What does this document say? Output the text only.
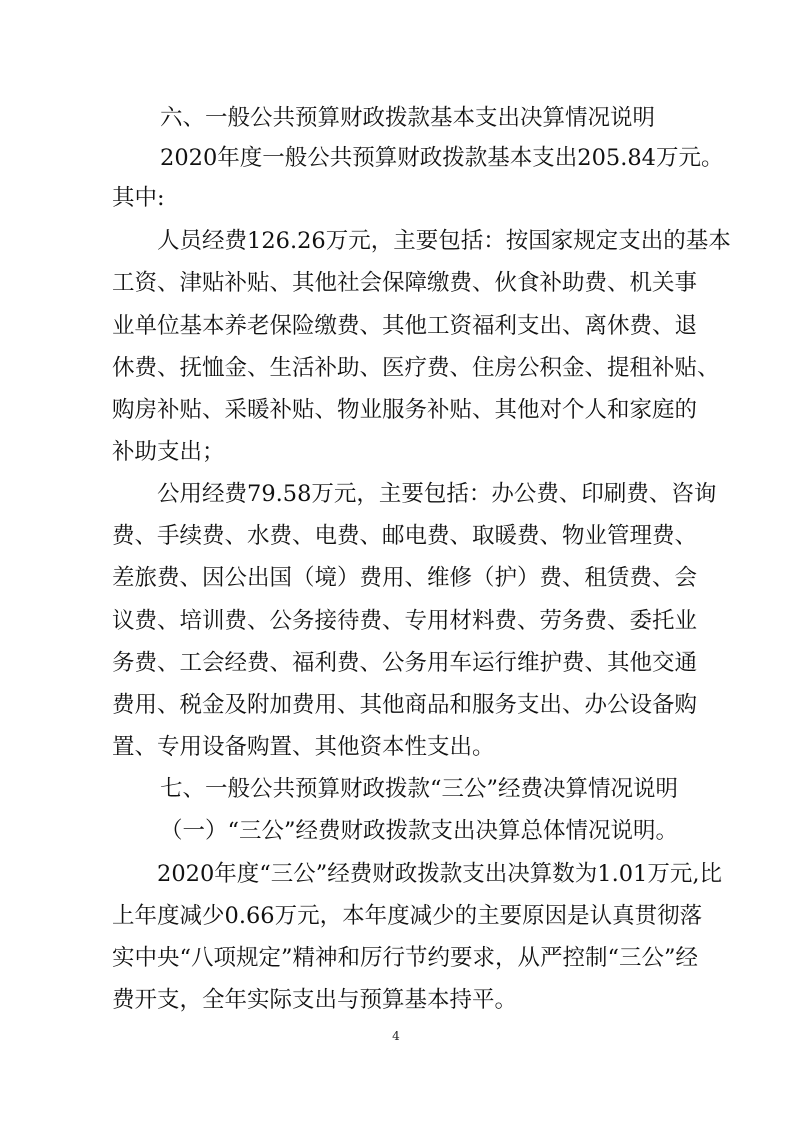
六、一般公共预算财政拨款基本支出决算情况说明
2020年度一般公共预算财政拨款基本支出205.84万元。
其中:
人员经费126.26万元，主要包括：按国家规定支出的基本
工资、津贴补贴、其他社会保障缴费、伙食补助费、机关事
业单位基本养老保险缴费、其他工资福利支出、离休费、退
休费、抚恤金、生活补助、医疗费、住房公积金、提租补贴、
购房补贴、采暖补贴、物业服务补贴、其他对个人和家庭的
补助支出；
公用经费79.58万元，主要包括：办公费、印刷费、咨询
费、手续费、水费、电费、邮电费、取暖费、物业管理费、
差旅费、因公出国（境）费用、维修（护）费、租赁费、会
议费、培训费、公务接待费、专用材料费、劳务费、委托业
务费、工会经费、福利费、公务用车运行维护费、其他交通
费用、税金及附加费用、其他商品和服务支出、办公设备购
置、专用设备购置、其他资本性支出。
七、一般公共预算财政拨款“三公”经费决算情况说明
（一）“三公”经费财政拨款支出决算总体情况说明。
2020年度“三公”经费财政拨款支出决算数为1.01万元,比
上年度减少0.66万元，本年度减少的主要原因是认真贯彻落
实中央“八项规定”精神和厉行节约要求，从严控制“三公”经
费开支，全年实际支出与预算基本持平。
4
